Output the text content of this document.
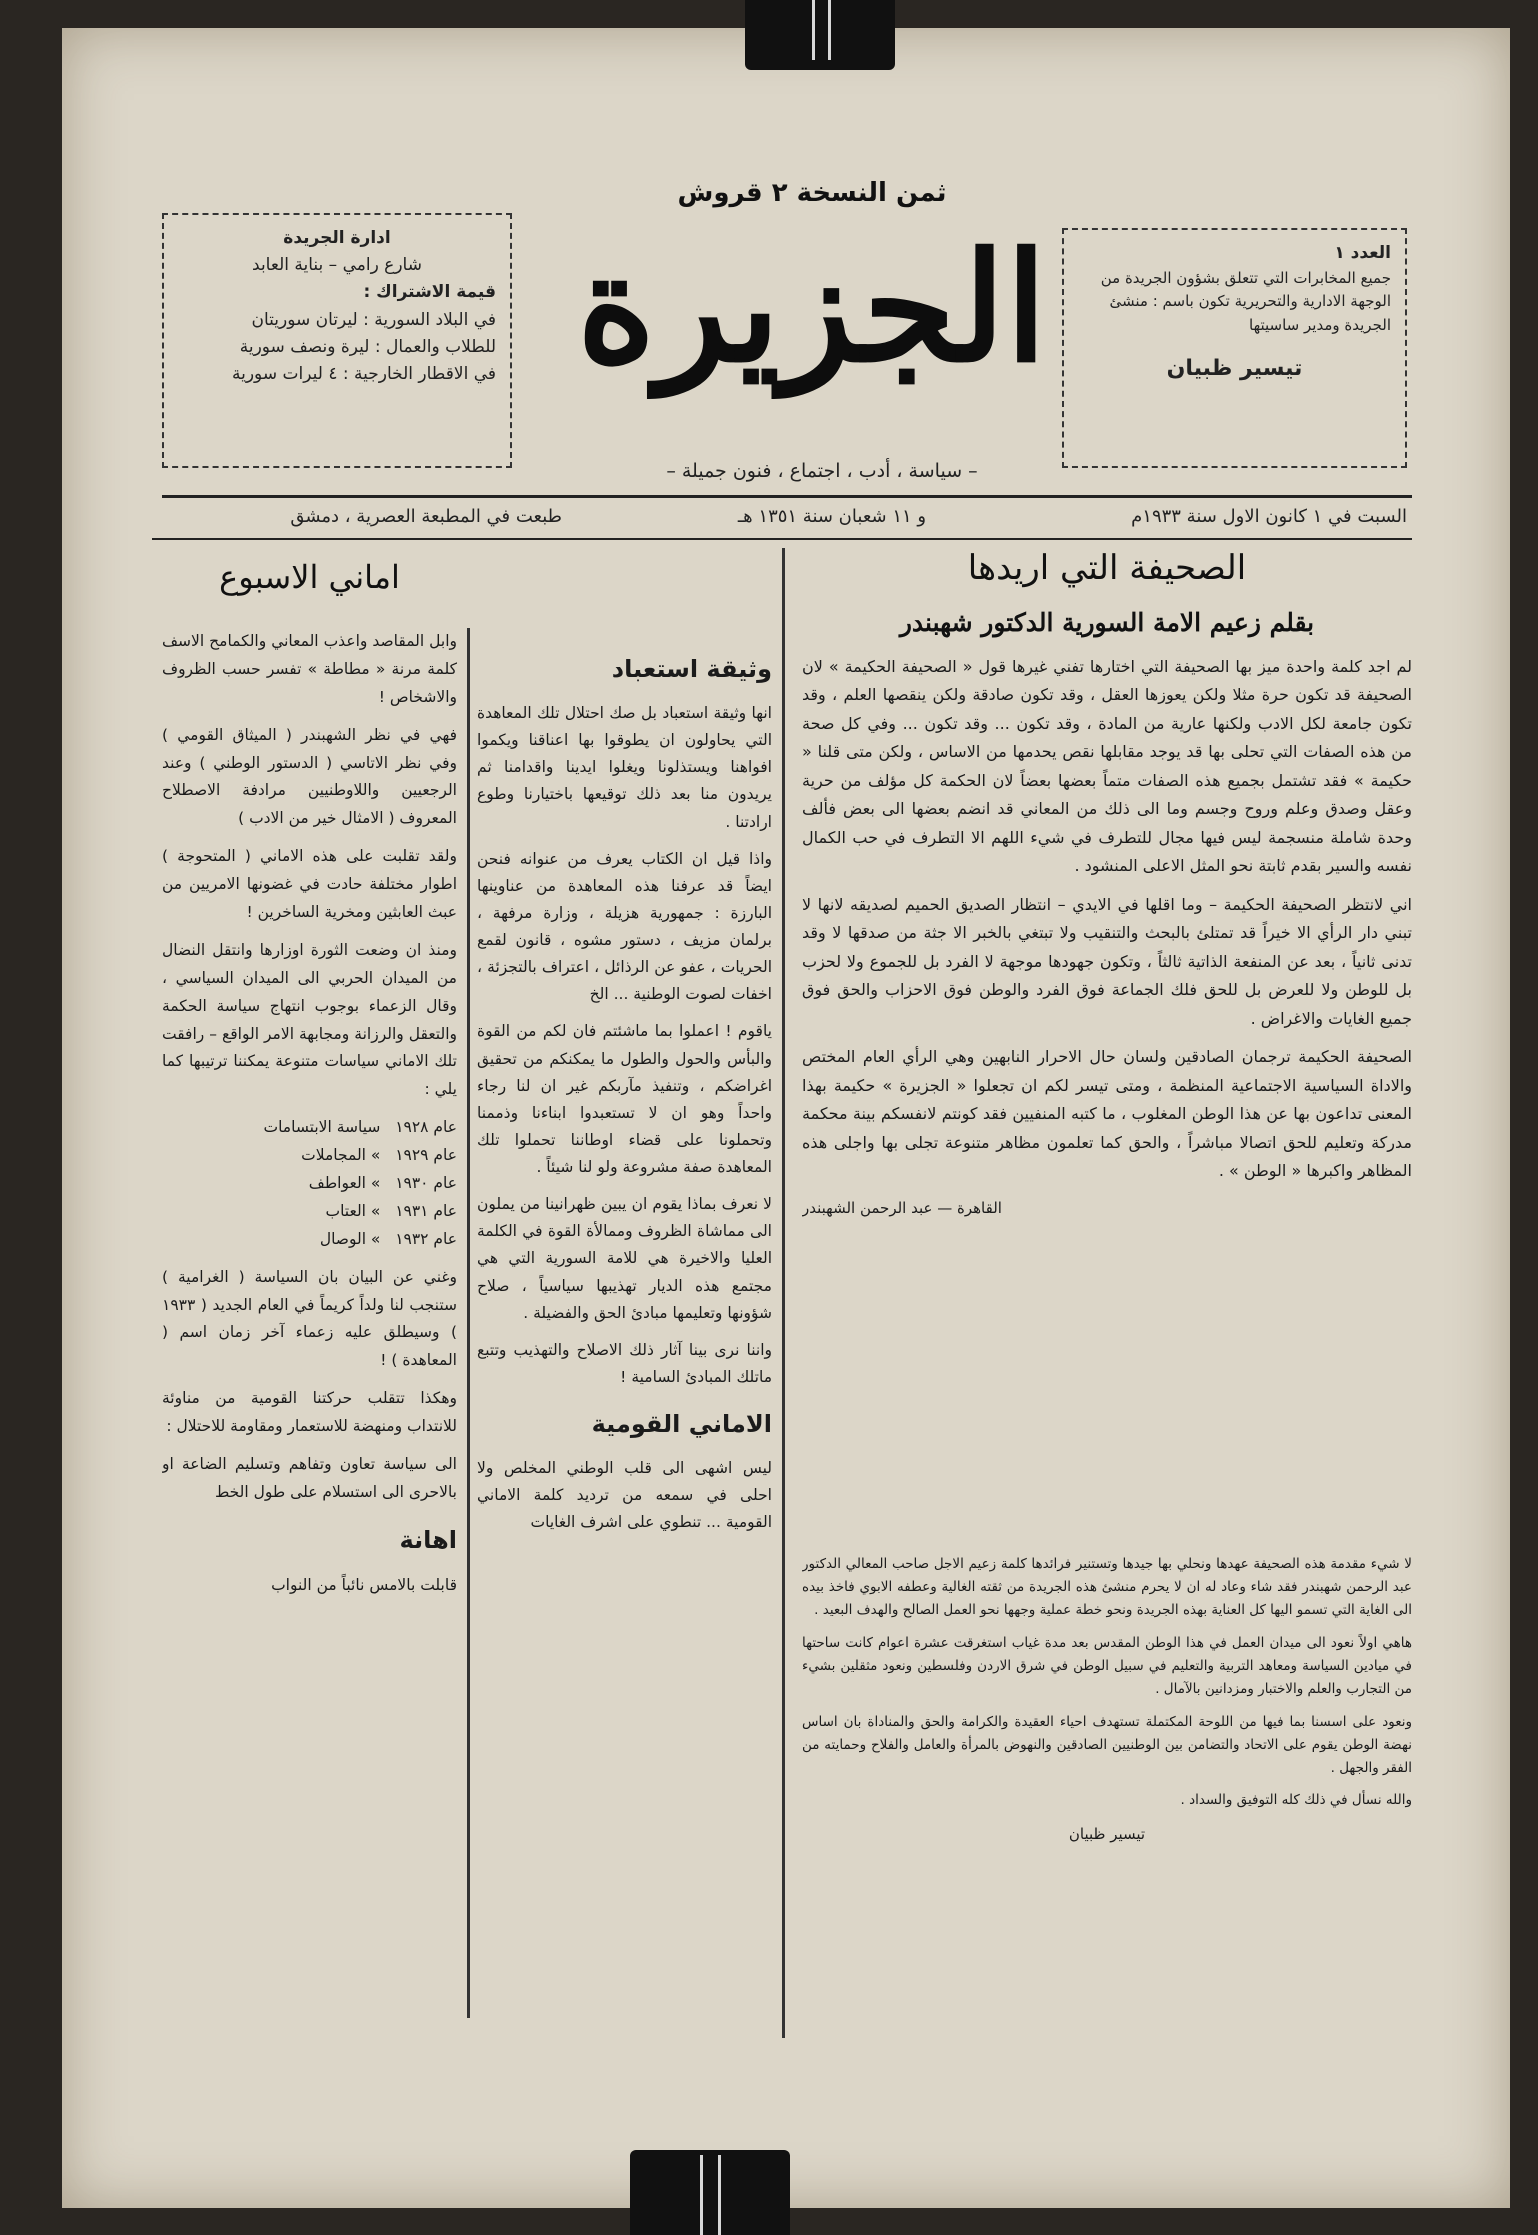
ثمن النسخة ٢ قروش
ادارة الجريدة
شارع رامي – بناية العابد
قيمة الاشتراك :
في البلاد السورية : ليرتان سوريتان
للطلاب والعمال : ليرة ونصف سورية
في الاقطار الخارجية : ٤ ليرات سورية الجزيرة
– سياسة ، أدب ، اجتماع ، فنون جميلة –
العدد ١
جميع المخابرات التي تتعلق بشؤون الجريدة من الوجهة الادارية والتحريرية تكون باسم : منشئ الجريدة ومدير ساسيتها
تيسير ظبيان
السبت في ١ كانون الاول سنة ١٩٣٣م
و ١١ شعبان سنة ١٣٥١ هـ
طبعت في المطبعة العصرية ، دمشق
الصحيفة التي اريدها
بقلم زعيم الامة السورية الدكتور شهبندر

لم اجد كلمة واحدة ميز بها الصحيفة التي اختارها تفني غيرها قول « الصحيفة الحكيمة » لان الصحيفة قد تكون حرة مثلا ولكن يعوزها العقل ، وقد تكون صادقة ولكن ينقصها العلم ، وقد تكون جامعة لكل الادب ولكنها عارية من المادة ، وقد تكون ... وقد تكون ... وفي كل صحة من هذه الصفات التي تحلى بها قد يوجد مقابلها نقص يحدمها من الاساس ، ولكن متى قلنا « حكيمة » فقد تشتمل بجميع هذه الصفات متماً بعضها بعضاً لان الحكمة كل مؤلف من حرية وعقل وصدق وعلم وروح وجسم وما الى ذلك من المعاني قد انضم بعضها الى بعض فألف وحدة شاملة منسجمة ليس فيها مجال للتطرف في شيء اللهم الا التطرف في حب الكمال نفسه والسير بقدم ثابتة نحو المثل الاعلى المنشود .

اني لانتظر الصحيفة الحكيمة – وما اقلها في الايدي – انتظار الصديق الحميم لصديقه لانها لا تبني دار الرأي الا خيراً قد تمتلئ بالبحث والتنقيب ولا تبتغي بالخبر الا جثة من صدقها لا وقد تدنى ثانياً ، بعد عن المنفعة الذاتية ثالثاً ، وتكون جهودها موجهة لا الفرد بل للجموع ولا لحزب بل للوطن ولا للعرض بل للحق فلك الجماعة فوق الفرد والوطن فوق الاحزاب والحق فوق جميع الغايات والاغراض .

الصحيفة الحكيمة ترجمان الصادقين ولسان حال الاحرار النابهين وهي الرأي العام المختص والاداة السياسية الاجتماعية المنظمة ، ومتى تيسر لكم ان تجعلوا « الجزيرة » حكيمة بهذا المعنى تداعون بها عن هذا الوطن المغلوب ، ما كتبه المنفيين فقد كونتم لانفسكم بينة محكمة مدركة وتعليم للحق اتصالا مباشراً ، والحق كما تعلمون مظاهر متنوعة تجلى بها واجلى هذه المظاهر واكبرها « الوطن » .

القاهرة — عبد الرحمن الشهبندر

لا شيء مقدمة هذه الصحيفة عهدها ونحلي بها جيدها وتستنير فرائدها كلمة زعيم الاجل صاحب المعالي الدكتور عبد الرحمن شهبندر فقد شاء وعاد له ان لا يحرم منشئ هذه الجريدة من ثقته الغالية وعطفه الابوي فاخذ بيده الى الغاية التي تسمو اليها كل العناية بهذه الجريدة ونحو خطة عملية وجهها نحو العمل الصالح والهدف البعيد .

هاهي اولاً نعود الى ميدان العمل في هذا الوطن المقدس بعد مدة غياب استغرقت عشرة اعوام كانت ساحتها في ميادين السياسة ومعاهد التربية والتعليم في سبيل الوطن في شرق الاردن وفلسطين ونعود مثقلين بشيء من التجارب والعلم والاختبار ومزدانين بالآمال .

ونعود على اسسنا بما فيها من اللوحة المكتملة تستهدف احياء العقيدة والكرامة والحق والمناداة بان اساس نهضة الوطن يقوم على الاتحاد والتضامن بين الوطنيين الصادقين والنهوض بالمرأة والعامل والفلاح وحمايته من الفقر والجهل .

والله نسأل في ذلك كله التوفيق والسداد .

تيسير ظبيان

وثيقة استعباد

انها وثيقة استعباد بل صك احتلال تلك المعاهدة التي يحاولون ان يطوقوا بها اعناقنا ويكموا افواهنا ويستذلونا ويغلوا ايدينا واقدامنا ثم يريدون منا بعد ذلك توقيعها باختيارنا وطوع ارادتنا .

واذا قيل ان الكتاب يعرف من عنوانه فنحن ايضاً قد عرفنا هذه المعاهدة من عناوينها البارزة : جمهورية هزيلة ، وزارة مرفهة ، برلمان مزيف ، دستور مشوه ، قانون لقمع الحريات ، عفو عن الرذائل ، اعتراف بالتجزئة ، اخفات لصوت الوطنية ... الخ

ياقوم ! اعملوا بما ماشئتم فان لكم من القوة والبأس والحول والطول ما يمكنكم من تحقيق اغراضكم ، وتنفيذ مآربكم غير ان لنا رجاء واحداً وهو ان لا تستعبدوا ابناءنا وذممنا وتحملونا على قضاء اوطاننا تحملوا تلك المعاهدة صفة مشروعة ولو لنا شيئاً .

لا نعرف بماذا يقوم ان يبين ظهرانينا من يملون الى مماشاة الظروف وممالأة القوة في الكلمة العليا والاخيرة هي للامة السورية التي هي مجتمع هذه الديار تهذيبها سياسياً ، صلاح شؤونها وتعليمها مبادئ الحق والفضيلة .

واننا نرى بينا آثار ذلك الاصلاح والتهذيب وتتبع ماتلك المبادئ السامية !

الاماني القومية

ليس اشهى الى قلب الوطني المخلص ولا احلى في سمعه من ترديد كلمة الاماني القومية ... تنطوي على اشرف الغايات

اماني الاسبوع

وابل المقاصد واعذب المعاني والكمامح الاسف كلمة مرنة « مطاطة » تفسر حسب الظروف والاشخاص !

فهي في نظر الشهبندر ( الميثاق القومي ) وفي نظر الاتاسي ( الدستور الوطني ) وعند الرجعيين واللاوطنيين مرادفة الاصطلاح المعروف ( الامثال خير من الادب )

ولقد تقلبت على هذه الاماني ( المتحوجة ) اطوار مختلفة حادت في غضونها الامريين من عبث العابثين ومخرية الساخرين !

ومنذ ان وضعت الثورة اوزارها وانتقل النضال من الميدان الحربي الى الميدان السياسي ، وقال الزعماء بوجوب انتهاج سياسة الحكمة والتعقل والرزانة ومجابهة الامر الواقع – رافقت تلك الاماني سياسات متنوعة يمكننا ترتيبها كما يلي :

عام ١٩٢٨   سياسة الابتسامات
عام ١٩٢٩   » المجاملات
عام ١٩٣٠   » العواطف
عام ١٩٣١   » العتاب
عام ١٩٣٢   » الوصال

وغني عن البيان بان السياسة ( الغرامية ) ستنجب لنا ولداً كريماً في العام الجديد ( ١٩٣٣ ) وسيطلق عليه زعماء آخر زمان اسم ( المعاهدة ) !

وهكذا تتقلب حركتنا القومية من مناوئة للانتداب ومنهضة للاستعمار ومقاومة للاحتلال :

الى سياسة تعاون وتفاهم وتسليم الضاعة او بالاحرى الى استسلام على طول الخط

اهانة

قابلت بالامس نائباً من النواب
